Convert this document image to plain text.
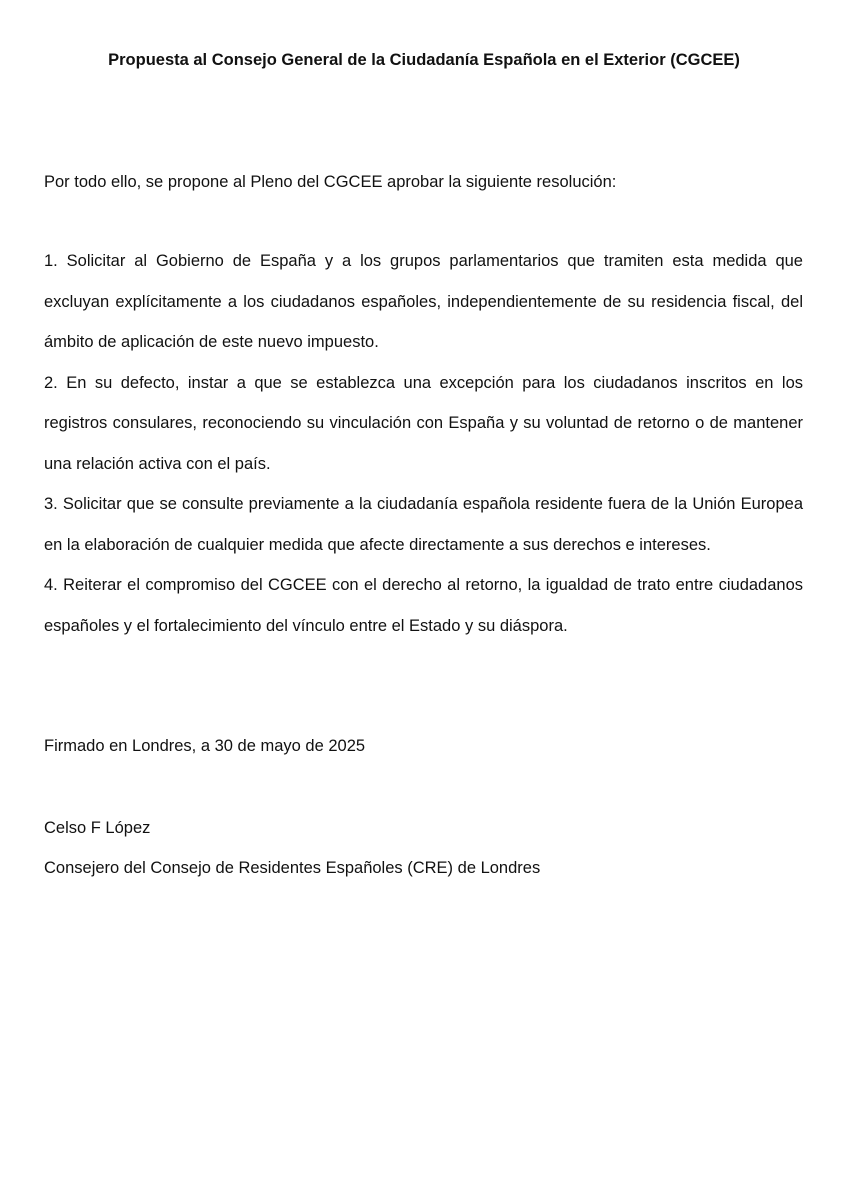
Propuesta al Consejo General de la Ciudadanía Española en el Exterior (CGCEE)

Por todo ello, se propone al Pleno del CGCEE aprobar la siguiente resolución:

1. Solicitar al Gobierno de España y a los grupos parlamentarios que tramiten esta medida que excluyan explícitamente a los ciudadanos españoles, independientemente de su residencia fiscal, del ámbito de aplicación de este nuevo impuesto.
2. En su defecto, instar a que se establezca una excepción para los ciudadanos inscritos en los registros consulares, reconociendo su vinculación con España y su voluntad de retorno o de mantener una relación activa con el país.
3. Solicitar que se consulte previamente a la ciudadanía española residente fuera de la Unión Europea en la elaboración de cualquier medida que afecte directamente a sus derechos e intereses.
4. Reiterar el compromiso del CGCEE con el derecho al retorno, la igualdad de trato entre ciudadanos españoles y el fortalecimiento del vínculo entre el Estado y su diáspora.

Firmado en Londres, a 30 de mayo de 2025

Celso F López

Consejero del Consejo de Residentes Españoles (CRE) de Londres
